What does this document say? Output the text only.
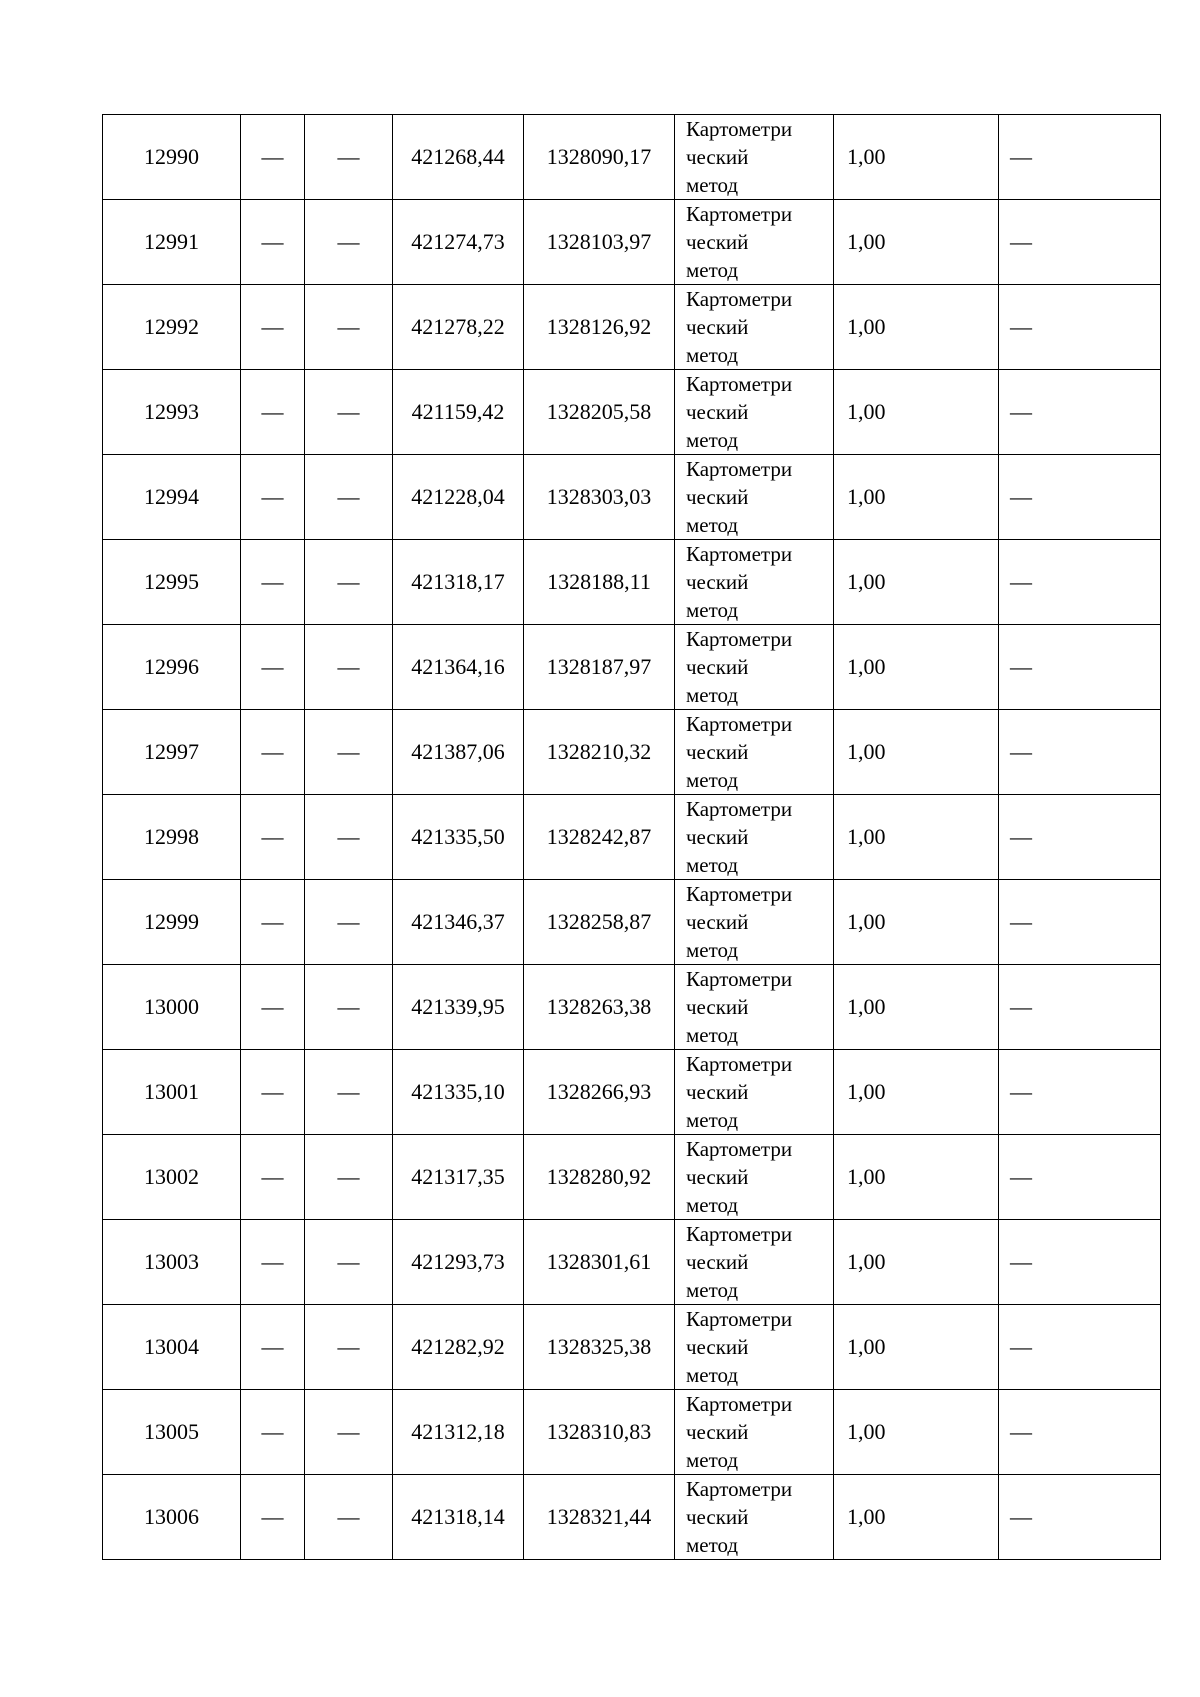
12990	—	—	421268,44	1328090,17	Картометри
ческий
метод	1,00	—
12991	—	—	421274,73	1328103,97	Картометри
ческий
метод	1,00	—
12992	—	—	421278,22	1328126,92	Картометри
ческий
метод	1,00	—
12993	—	—	421159,42	1328205,58	Картометри
ческий
метод	1,00	—
12994	—	—	421228,04	1328303,03	Картометри
ческий
метод	1,00	—
12995	—	—	421318,17	1328188,11	Картометри
ческий
метод	1,00	—
12996	—	—	421364,16	1328187,97	Картометри
ческий
метод	1,00	—
12997	—	—	421387,06	1328210,32	Картометри
ческий
метод	1,00	—
12998	—	—	421335,50	1328242,87	Картометри
ческий
метод	1,00	—
12999	—	—	421346,37	1328258,87	Картометри
ческий
метод	1,00	—
13000	—	—	421339,95	1328263,38	Картометри
ческий
метод	1,00	—
13001	—	—	421335,10	1328266,93	Картометри
ческий
метод	1,00	—
13002	—	—	421317,35	1328280,92	Картометри
ческий
метод	1,00	—
13003	—	—	421293,73	1328301,61	Картометри
ческий
метод	1,00	—
13004	—	—	421282,92	1328325,38	Картометри
ческий
метод	1,00	—
13005	—	—	421312,18	1328310,83	Картометри
ческий
метод	1,00	—
13006	—	—	421318,14	1328321,44	Картометри
ческий
метод	1,00	—
